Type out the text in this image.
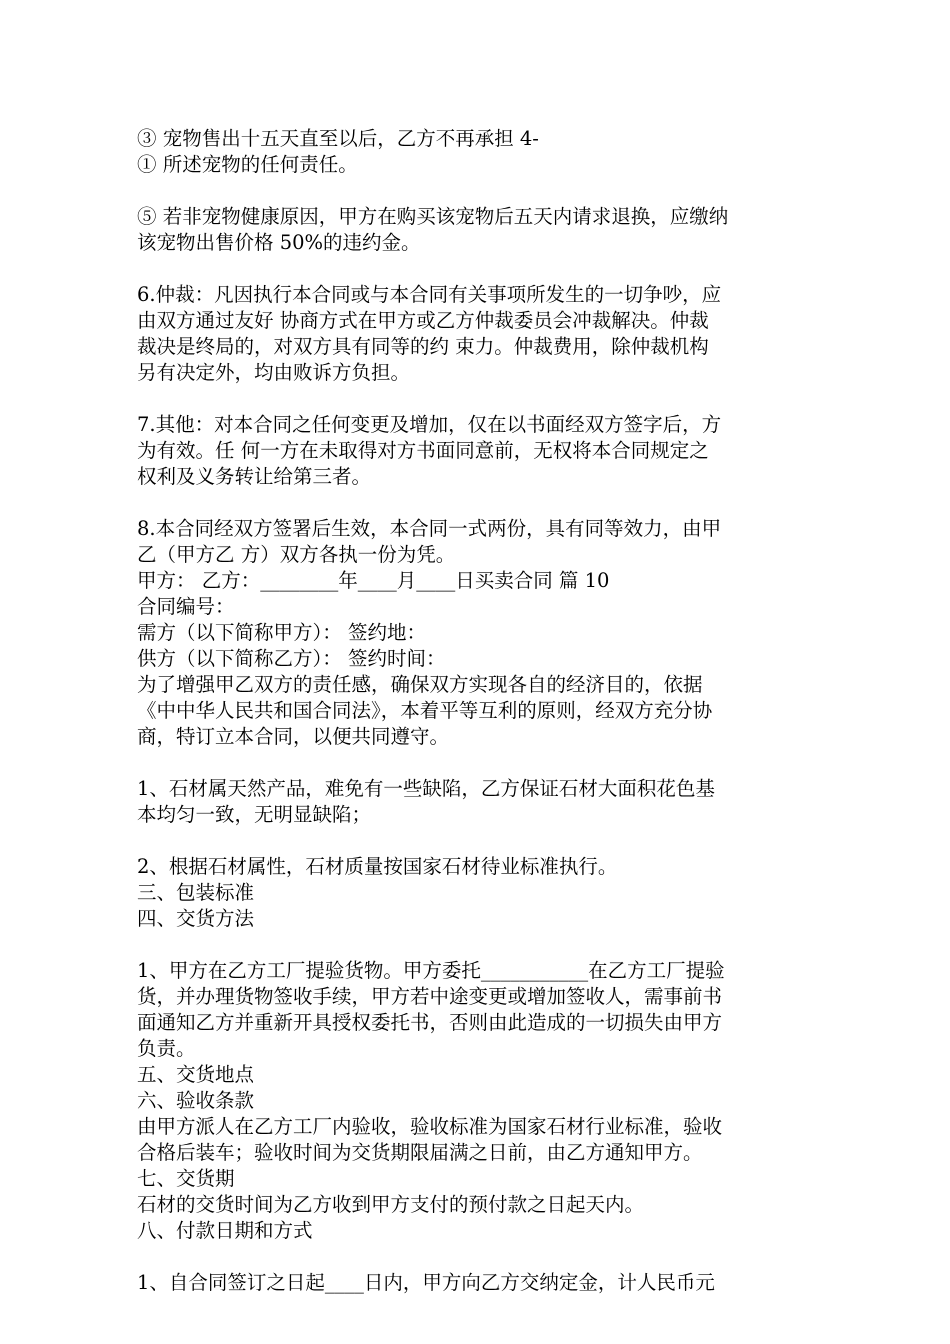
③ 宠物售出十五天直至以后，乙方不再承担 4-
① 所述宠物的任何责任。
⑤ 若非宠物健康原因，甲方在购买该宠物后五天内请求退换，应缴纳
该宠物出售价格 50%的违约金。
6.仲裁：凡因执行本合同或与本合同有关事项所发生的一切争吵，应
由双方通过友好 协商方式在甲方或乙方仲裁委员会冲裁解决。仲裁
裁决是终局的，对双方具有同等的约 束力。仲裁费用，除仲裁机构
另有决定外，均由败诉方负担。
7.其他：对本合同之任何变更及增加，仅在以书面经双方签字后，方
为有效。任 何一方在未取得对方书面同意前，无权将本合同规定之
权利及义务转让给第三者。
8.本合同经双方签署后生效，本合同一式两份，具有同等效力，由甲
乙（甲方乙 方）双方各执一份为凭。
甲方： 乙方：________年____月____日买卖合同 篇 10
合同编号：
需方（以下简称甲方）： 签约地：
供方（以下简称乙方）： 签约时间：
为了增强甲乙双方的责任感，确保双方实现各自的经济目的，依据
《中中华人民共和国合同法》，本着平等互利的原则，经双方充分协
商，特订立本合同，以便共同遵守。
1、石材属天然产品，难免有一些缺陷，乙方保证石材大面积花色基
本均匀一致，无明显缺陷；
2、根据石材属性，石材质量按国家石材待业标准执行。
三、包装标准
四、交货方法
1、甲方在乙方工厂提验货物。甲方委托___________在乙方工厂提验
货，并办理货物签收手续，甲方若中途变更或增加签收人，需事前书
面通知乙方并重新开具授权委托书，否则由此造成的一切损失由甲方
负责。
五、交货地点
六、验收条款
由甲方派人在乙方工厂内验收，验收标准为国家石材行业标准，验收
合格后装车；验收时间为交货期限届满之日前，由乙方通知甲方。
七、交货期
石材的交货时间为乙方收到甲方支付的预付款之日起天内。
八、付款日期和方式
1、自合同签订之日起____日内，甲方向乙方交纳定金，计人民币元
